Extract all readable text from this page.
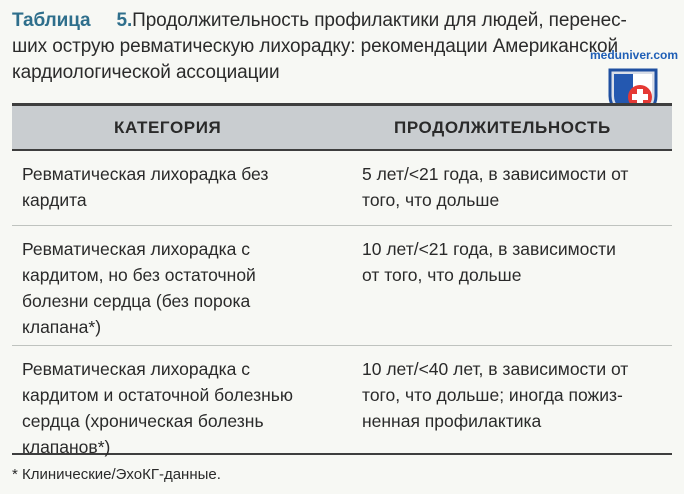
Таблица 5.Продолжительность профилактики для людей, перенес-
ших острую ревматическую лихорадку: рекомендации Американской
кардиологической ассоциации
meduniver.com
КАТЕГОРИЯ	ПРОДОЛЖИТЕЛЬНОСТЬ
Ревматическая лихорадка без
кардита
5 лет/<21 года, в зависимости от
того, что дольше
Ревматическая лихорадка с
кардитом, но без остаточной
болезни сердца (без порока
клапана*)
10 лет/<21 года, в зависимости
от того, что дольше
Ревматическая лихорадка с
кардитом и остаточной болезнью
сердца (хроническая болезнь
клапанов*)
10 лет/<40 лет, в зависимости от
того, что дольше; иногда пожиз-
ненная профилактика
* Клинические/ЭхоКГ-данные.
